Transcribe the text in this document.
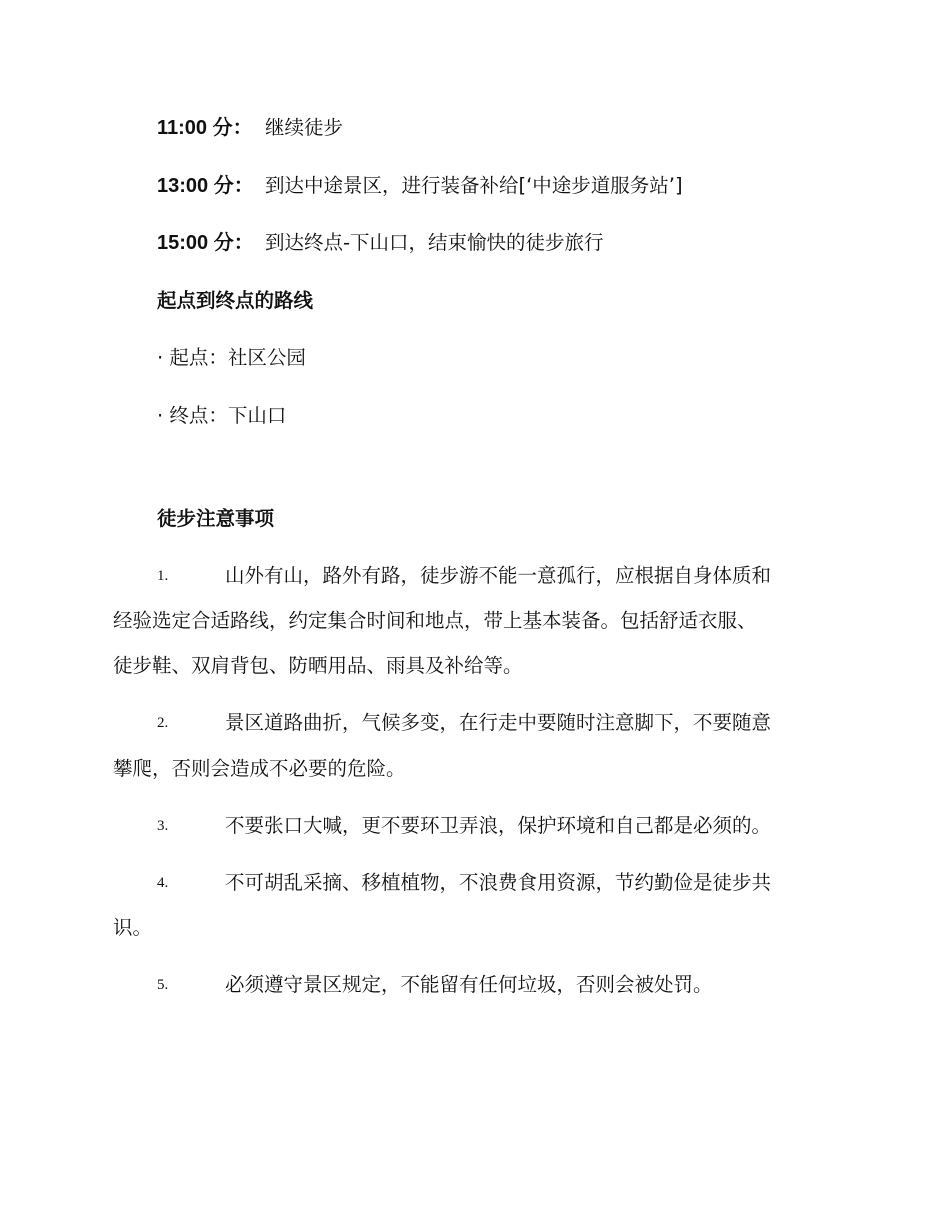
11:00 分： 继续徒步
13:00 分： 到达中途景区，进行装备补给[‘中途步道服务站’]
15:00 分： 到达终点-下山口，结束愉快的徒步旅行
起点到终点的路线
· 起点：社区公园
· 终点：下山口
徒步注意事项
1.	山外有山，路外有路，徒步游不能一意孤行，应根据自身体质和
经验选定合适路线，约定集合时间和地点，带上基本装备。包括舒适衣服、
徒步鞋、双肩背包、防晒用品、雨具及补给等。
2.	景区道路曲折，气候多变，在行走中要随时注意脚下，不要随意
攀爬，否则会造成不必要的危险。
3.	不要张口大喊，更不要环卫弄浪，保护环境和自己都是必须的。
4.	不可胡乱采摘、移植植物，不浪费食用资源，节约勤俭是徒步共
识。
5.	必须遵守景区规定，不能留有任何垃圾，否则会被处罚。
